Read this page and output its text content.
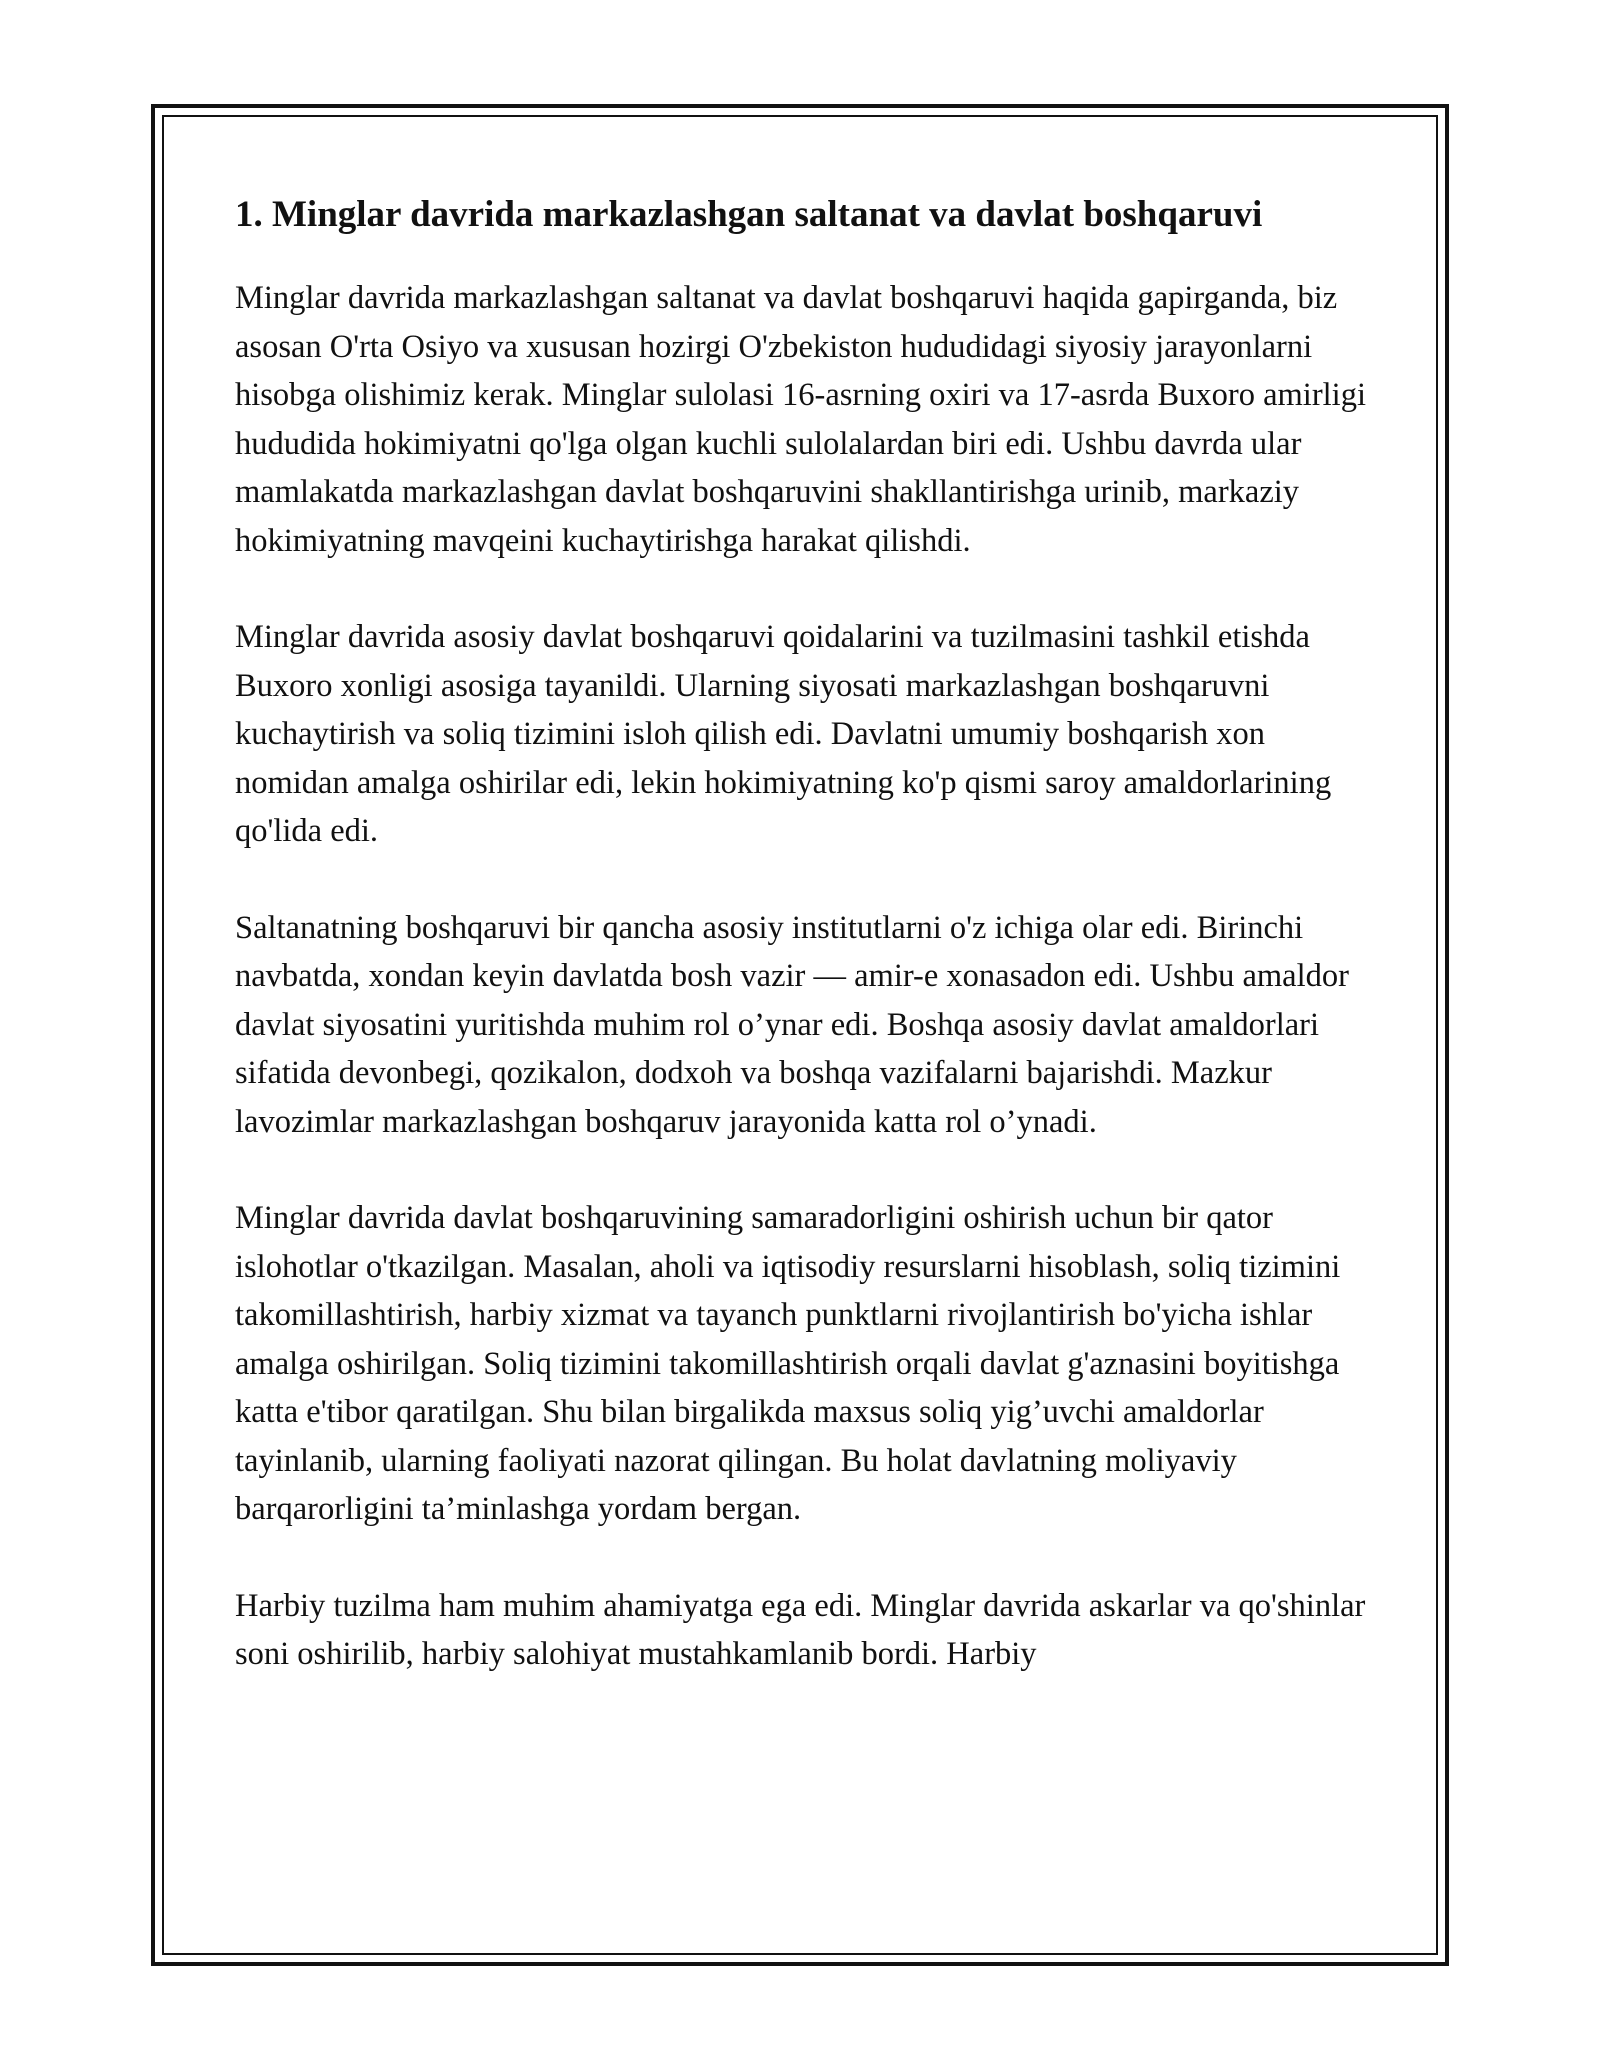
1. Minglar davrida markazlashgan saltanat va davlat boshqaruvi

Minglar davrida markazlashgan saltanat va davlat boshqaruvi haqida gapirganda, biz asosan O'rta Osiyo va xususan hozirgi O'zbekiston hududidagi siyosiy jarayonlarni hisobga olishimiz kerak. Minglar sulolasi 16-asrning oxiri va 17-asrda Buxoro amirligi hududida hokimiyatni qo'lga olgan kuchli sulolalardan biri edi. Ushbu davrda ular mamlakatda markazlashgan davlat boshqaruvini shakllantirishga urinib, markaziy hokimiyatning mavqeini kuchaytirishga harakat qilishdi.

Minglar davrida asosiy davlat boshqaruvi qoidalarini va tuzilmasini tashkil etishda Buxoro xonligi asosiga tayanildi. Ularning siyosati markazlashgan boshqaruvni kuchaytirish va soliq tizimini isloh qilish edi. Davlatni umumiy boshqarish xon nomidan amalga oshirilar edi, lekin hokimiyatning ko'p qismi saroy amaldorlarining qo'lida edi.

Saltanatning boshqaruvi bir qancha asosiy institutlarni o'z ichiga olar edi. Birinchi navbatda, xondan keyin davlatda bosh vazir — amir-e xonasadon edi. Ushbu amaldor davlat siyosatini yuritishda muhim rol o’ynar edi. Boshqa asosiy davlat amaldorlari sifatida devonbegi, qozikalon, dodxoh va boshqa vazifalarni bajarishdi. Mazkur lavozimlar markazlashgan boshqaruv jarayonida katta rol o’ynadi.

Minglar davrida davlat boshqaruvining samaradorligini oshirish uchun bir qator islohotlar o'tkazilgan. Masalan, aholi va iqtisodiy resurslarni hisoblash, soliq tizimini takomillashtirish, harbiy xizmat va tayanch punktlarni rivojlantirish bo'yicha ishlar amalga oshirilgan. Soliq tizimini takomillashtirish orqali davlat g'aznasini boyitishga katta e'tibor qaratilgan. Shu bilan birgalikda maxsus soliq yig’uvchi amaldorlar tayinlanib, ularning faoliyati nazorat qilingan. Bu holat davlatning moliyaviy barqarorligini ta’minlashga yordam bergan.

Harbiy tuzilma ham muhim ahamiyatga ega edi. Minglar davrida askarlar va qo'shinlar soni oshirilib, harbiy salohiyat mustahkamlanib bordi. Harbiy
